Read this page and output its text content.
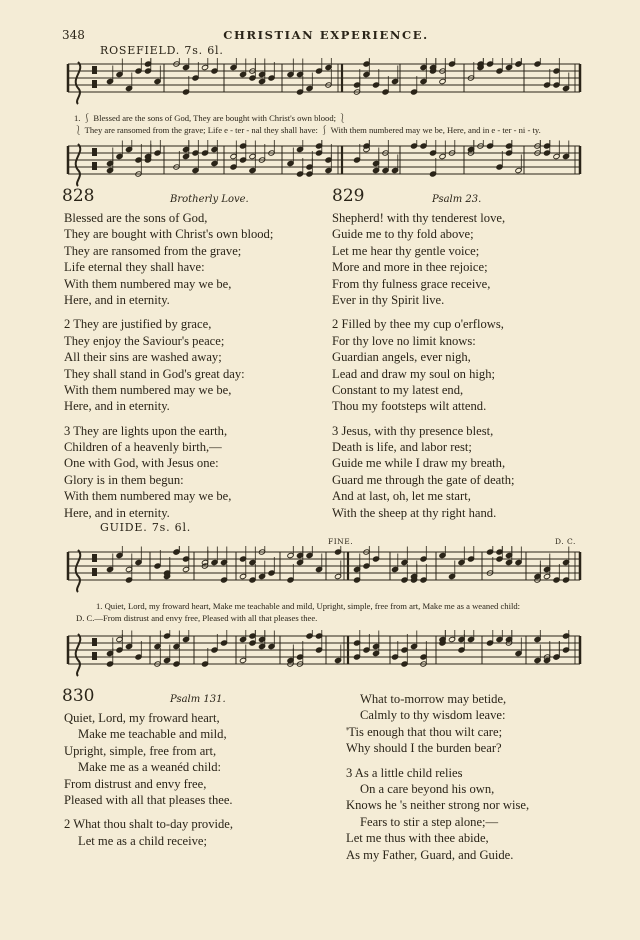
348	CHRISTIAN EXPERIENCE.
ROSEFIELD. 7s. 6l.
1. ⎰ Blessed are the sons of God, They are bought with Christ's own blood; ⎱
⎱ They are ransomed from the grave; Life e - ter - nal they shall have: ⎰ With them numbered may we be, Here, and in e - ter - ni - ty.
828	Brotherly Love.
Blessed are the sons of God,
They are bought with Christ's own blood;
They are ransomed from the grave;
Life eternal they shall have:
With them numbered may we be,
Here, and in eternity.
2 They are justified by grace,
They enjoy the Saviour's peace;
All their sins are washed away;
They shall stand in God's great day:
With them numbered may we be,
Here, and in eternity.
3 They are lights upon the earth,
Children of a heavenly birth,—
One with God, with Jesus one:
Glory is in them begun:
With them numbered may we be,
Here, and in eternity.
829	Psalm 23.
Shepherd! with thy tenderest love,
Guide me to thy fold above;
Let me hear thy gentle voice;
More and more in thee rejoice;
From thy fulness grace receive,
Ever in thy Spirit live.
2 Filled by thee my cup o'erflows,
For thy love no limit knows:
Guardian angels, ever nigh,
Lead and draw my soul on high;
Constant to my latest end,
Thou my footsteps wilt attend.
3 Jesus, with thy presence blest,
Death is life, and labor rest;
Guide me while I draw my breath,
Guard me through the gate of death;
And at last, oh, let me start,
With the sheep at thy right hand.
GUIDE. 7s. 6l.
FINE.	D. C.
1. Quiet, Lord, my froward heart, Make me teachable and mild, Upright, simple, free from art, Make me as a weaned child:
D. C.—From distrust and envy free, Pleased with all that pleases thee.
830	Psalm 131.
Quiet, Lord, my froward heart,
Make me teachable and mild,
Upright, simple, free from art,
Make me as a weanéd child:
From distrust and envy free,
Pleased with all that pleases thee.
2 What thou shalt to-day provide,
Let me as a child receive;
What to-morrow may betide,
Calmly to thy wisdom leave:
'Tis enough that thou wilt care;
Why should I the burden bear?
3 As a little child relies
On a care beyond his own,
Knows he 's neither strong nor wise,
Fears to stir a step alone;—
Let me thus with thee abide,
As my Father, Guard, and Guide.
